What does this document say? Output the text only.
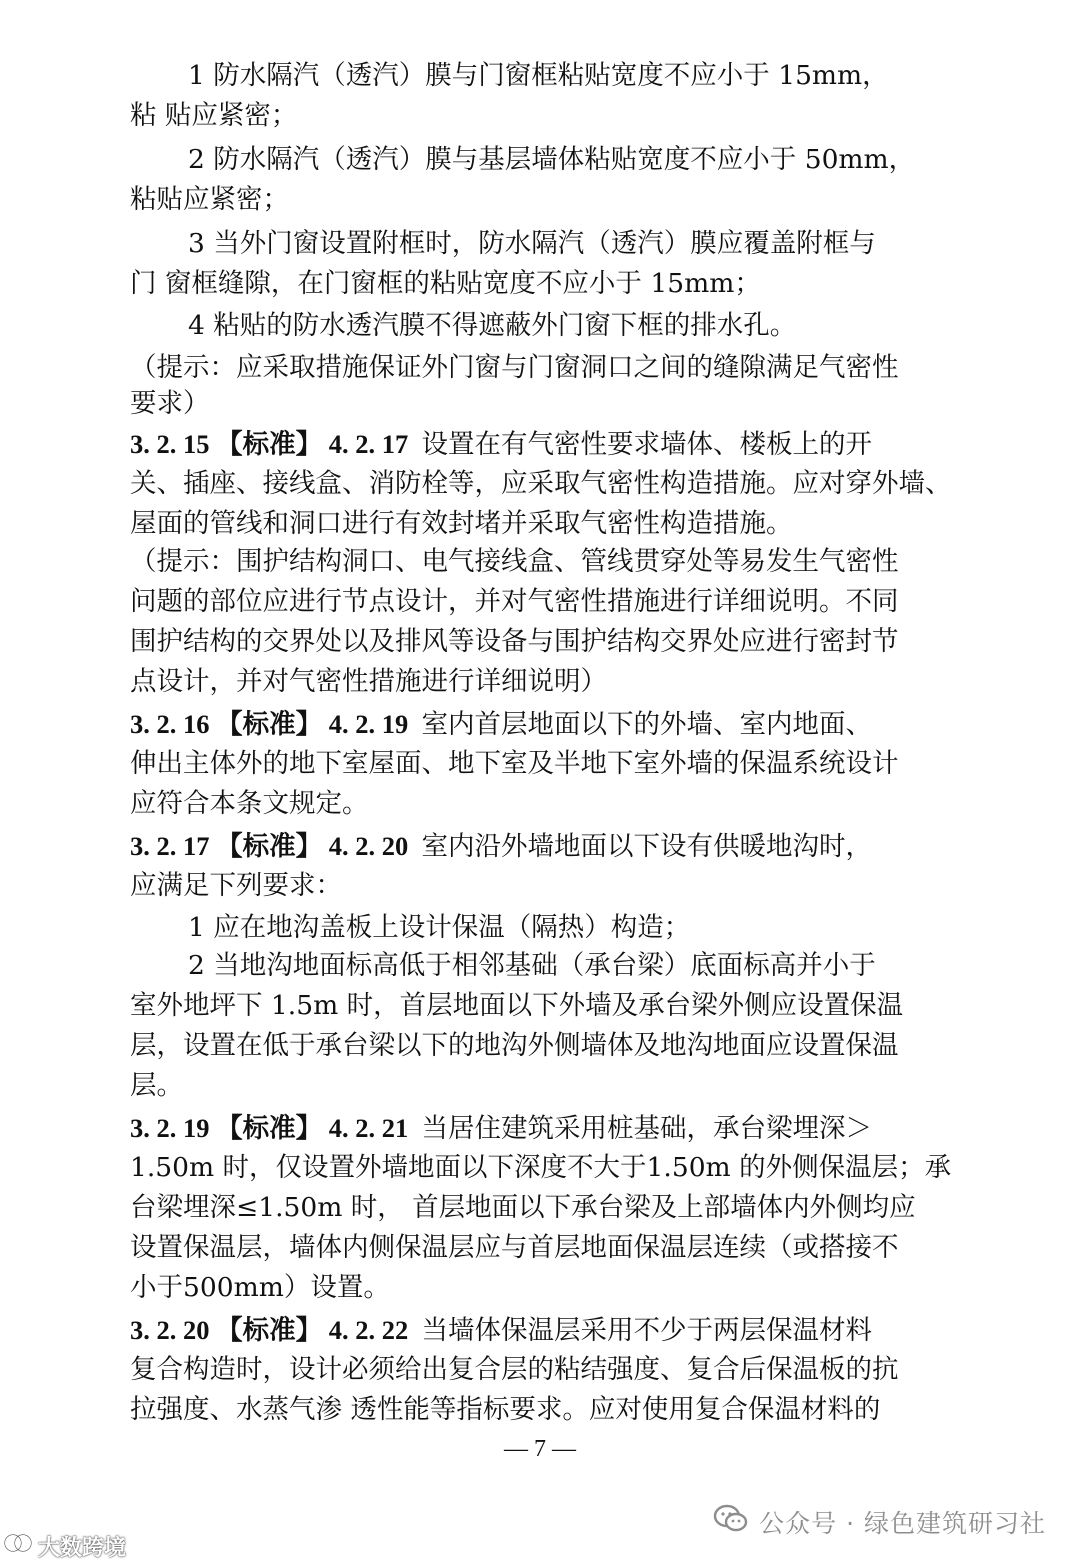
1 防水隔汽（透汽）膜与门窗框粘贴宽度不应小于 15mm，
粘 贴应紧密；
2 防水隔汽（透汽）膜与基层墙体粘贴宽度不应小于 50mm，
粘贴应紧密；
3 当外门窗设置附框时，防水隔汽（透汽）膜应覆盖附框与
门 窗框缝隙，在门窗框的粘贴宽度不应小于 15mm；
4 粘贴的防水透汽膜不得遮蔽外门窗下框的排水孔。
（提示：应采取措施保证外门窗与门窗洞口之间的缝隙满足气密性
要求）
3. 2. 15 【标准】 4. 2. 17  设置在有气密性要求墙体、楼板上的开
关、插座、接线盒、消防栓等，应采取气密性构造措施。应对穿外墙、
屋面的管线和洞口进行有效封堵并采取气密性构造措施。
（提示：围护结构洞口、电气接线盒、管线贯穿处等易发生气密性
问题的部位应进行节点设计，并对气密性措施进行详细说明。不同
围护结构的交界处以及排风等设备与围护结构交界处应进行密封节
点设计，并对气密性措施进行详细说明）
3. 2. 16 【标准】 4. 2. 19  室内首层地面以下的外墙、室内地面、
伸出主体外的地下室屋面、地下室及半地下室外墙的保温系统设计
应符合本条文规定。
3. 2. 17 【标准】 4. 2. 20  室内沿外墙地面以下设有供暖地沟时，
应满足下列要求：
1 应在地沟盖板上设计保温（隔热）构造；
2 当地沟地面标高低于相邻基础（承台梁）底面标高并小于
室外地坪下 1.5m 时，首层地面以下外墙及承台梁外侧应设置保温
层，设置在低于承台梁以下的地沟外侧墙体及地沟地面应设置保温
层。
3. 2. 19 【标准】 4. 2. 21  当居住建筑采用桩基础，承台梁埋深＞
1.50m 时，仅设置外墙地面以下深度不大于1.50m 的外侧保温层；承
台梁埋深≤1.50m 时， 首层地面以下承台梁及上部墙体内外侧均应
设置保温层，墙体内侧保温层应与首层地面保温层连续（或搭接不
小于500mm）设置。
3. 2. 20 【标准】 4. 2. 22  当墙体保温层采用不少于两层保温材料
复合构造时，设计必须给出复合层的粘结强度、复合后保温板的抗
拉强度、水蒸气渗 透性能等指标要求。应对使用复合保温材料的
— 7 —
公众号 · 绿色建筑研习社
大数跨境
